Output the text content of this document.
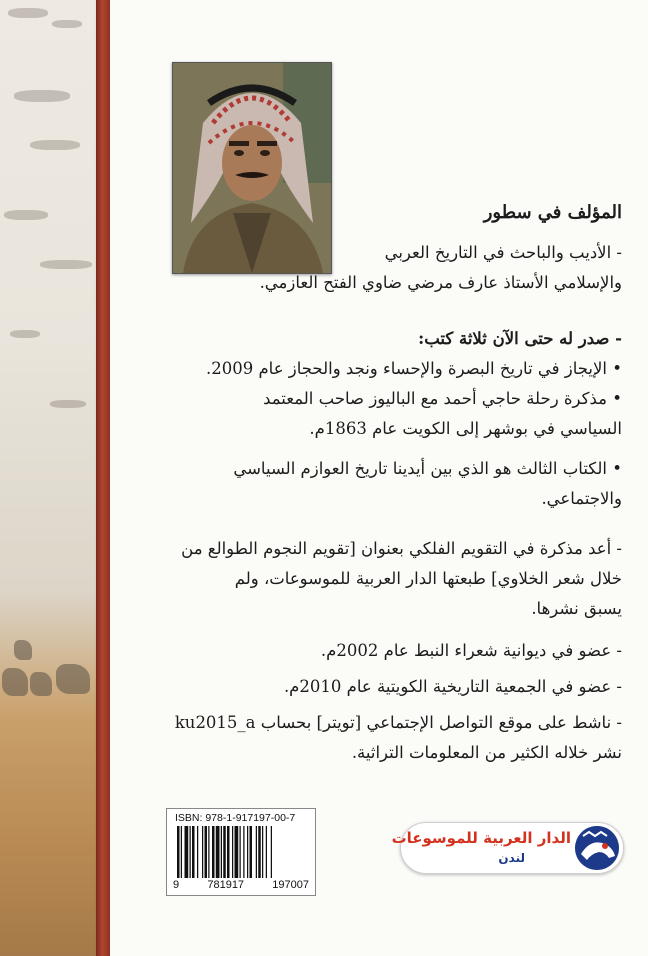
المؤلف في سطور

- الأديب والباحث في التاريخ العربي

والإسلامي الأستاذ عارف مرضي ضاوي الفتح العازمي.

- صدر له حتى الآن ثلاثة كتب:

• الإيجاز في تاريخ البصرة والإحساء ونجد والحجاز عام 2009.

• مذكرة رحلة حاجي أحمد مع الباليوز صاحب المعتمد

السياسي في بوشهر إلى الكويت عام 1863م.

• الكتاب الثالث هو الذي بين أيدينا تاريخ العوازم السياسي

والاجتماعي.

- أعد مذكرة في التقويم الفلكي بعنوان [تقويم النجوم الطوالع من

خلال شعر الخلاوي] طبعتها الدار العربية للموسوعات، ولم

يسبق نشرها.

- عضو في ديوانية شعراء النبط عام 2002م.

- عضو في الجمعية التاريخية الكويتية عام 2010م.

- ناشط على موقع التواصل الإجتماعي [تويتر] بحساب ku2015_a

نشر خلاله الكثير من المعلومات التراثية.

ISBN: 978-1-917197-00-7
9	781917	197007
الدار العربية للموسوعات
لندن
